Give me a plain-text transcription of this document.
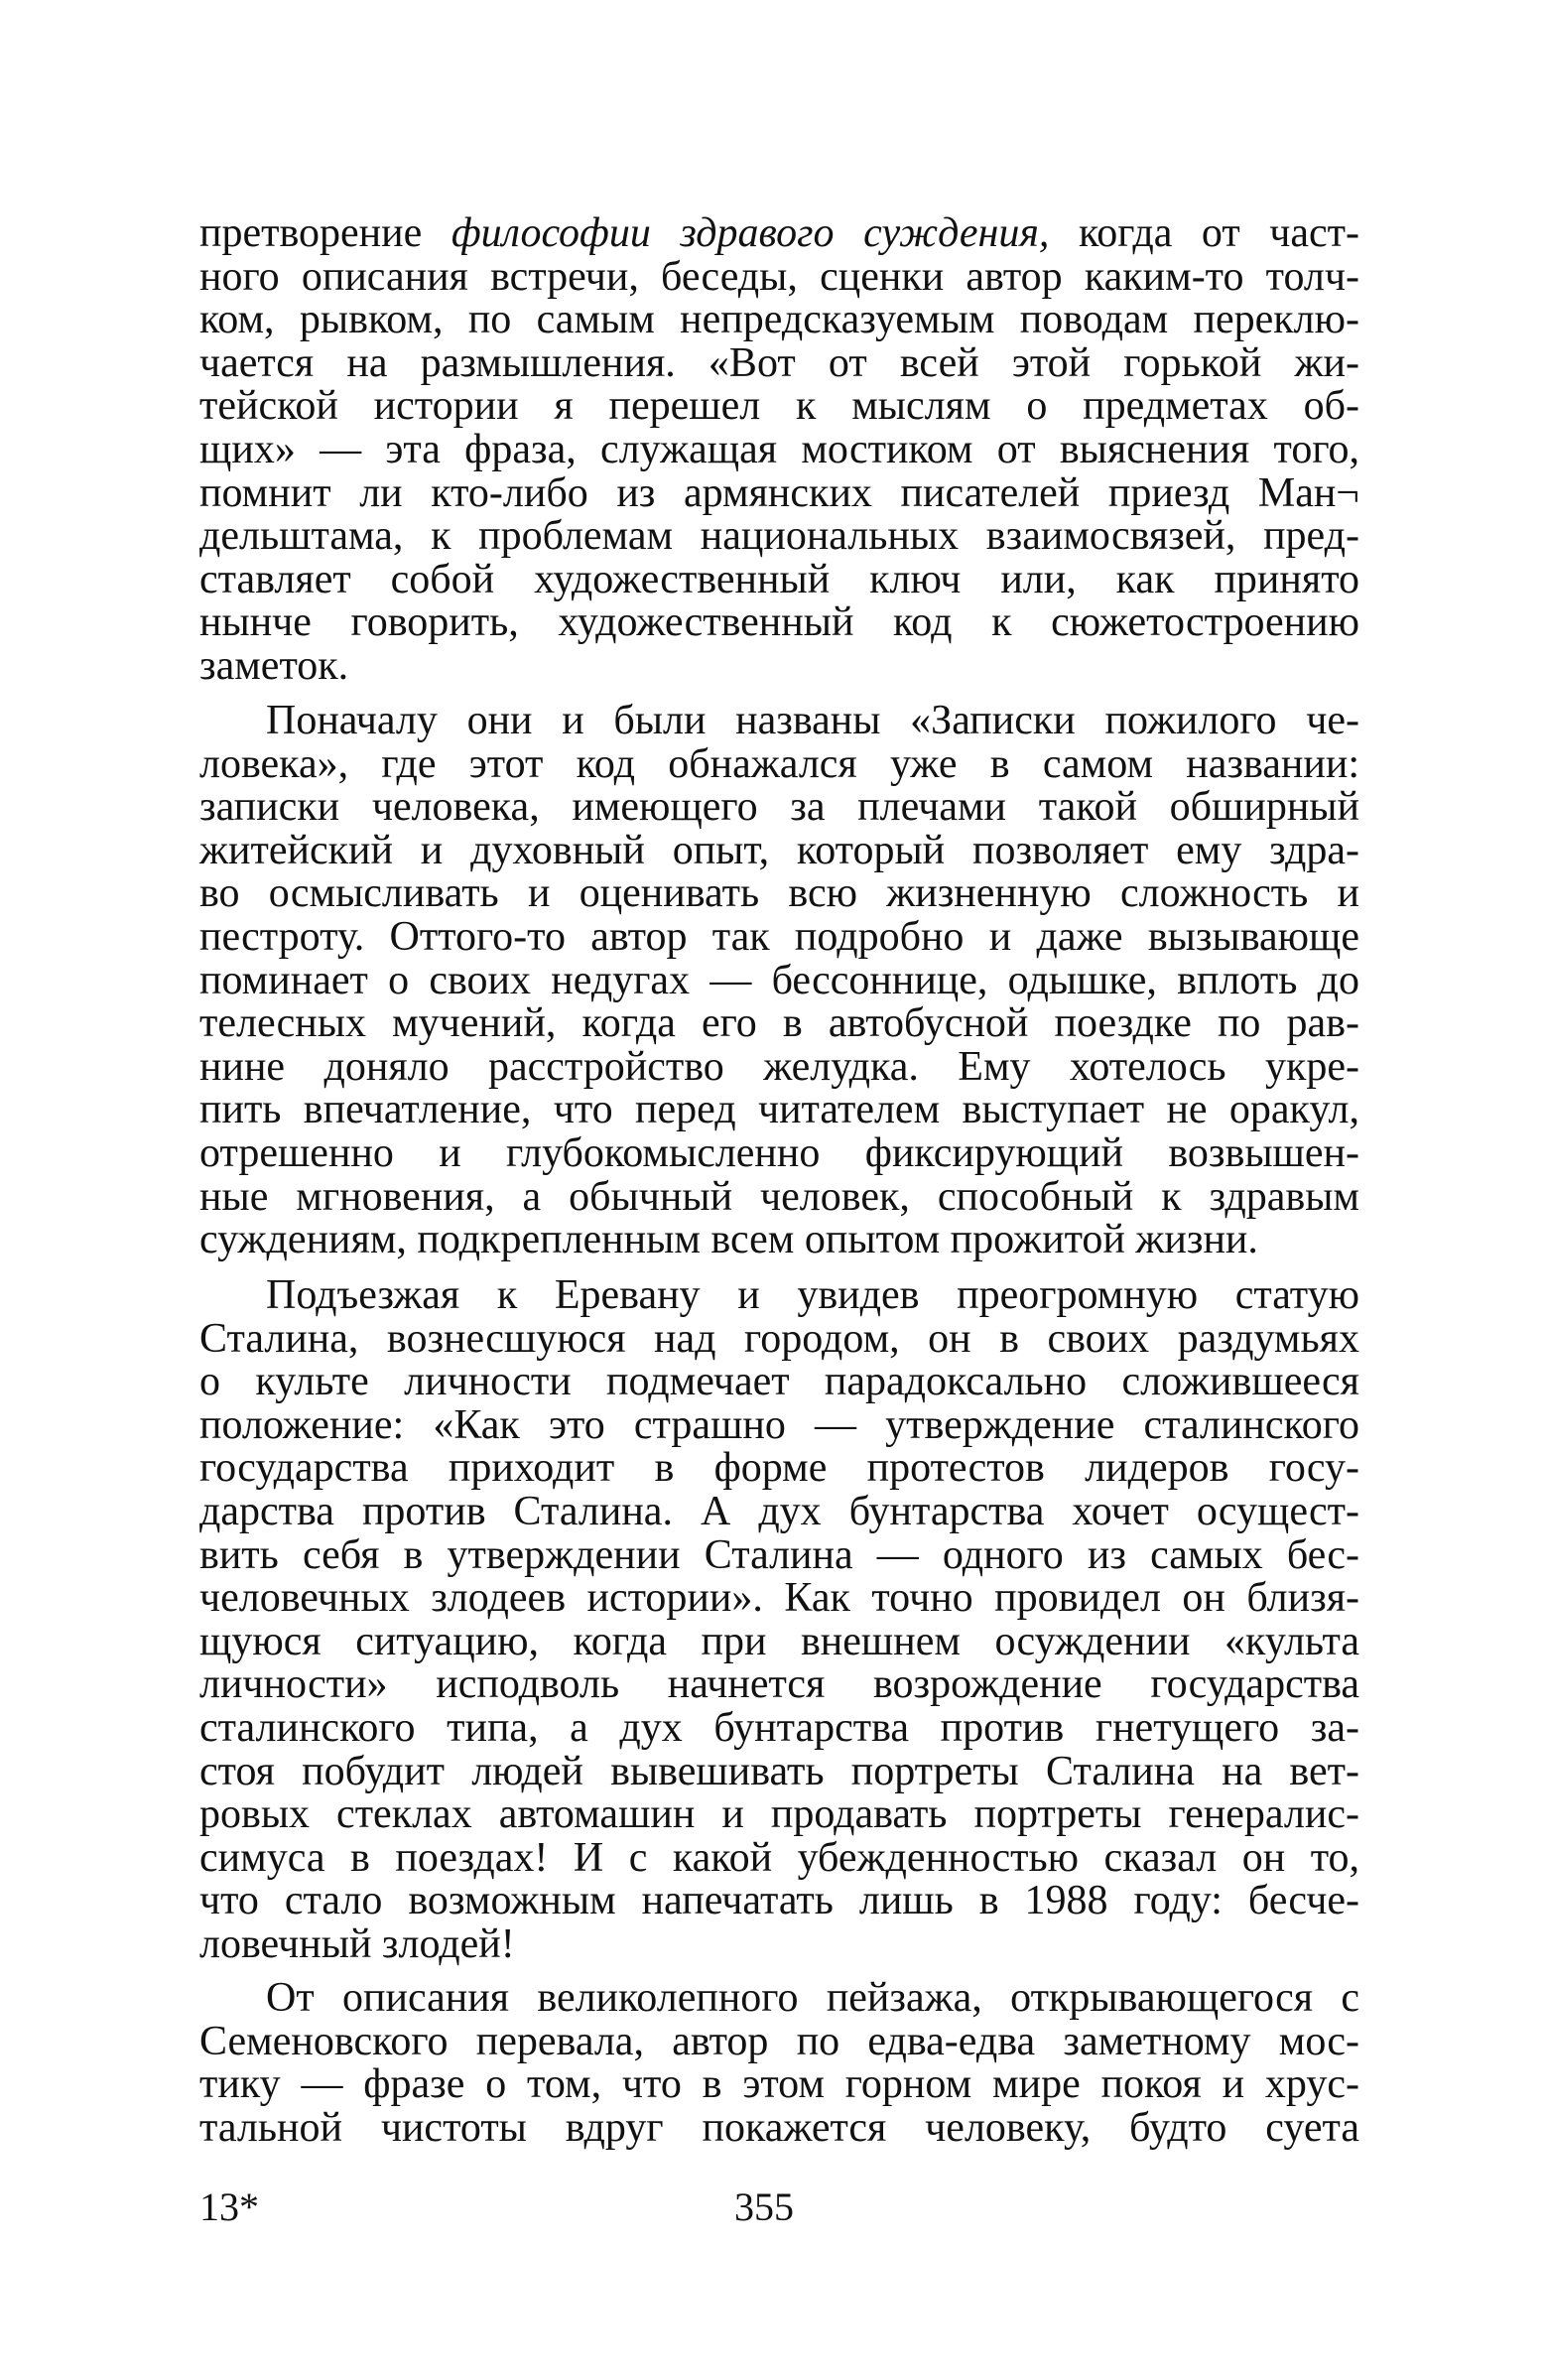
претворение философии здравого суждения, когда от част-
ного описания встречи, беседы, сценки автор каким-то толч-
ком, рывком, по самым непредсказуемым поводам переклю-
чается на размышления. «Вот от всей этой горькой жи-
тейской истории я перешел к мыслям о предметах об-
щих» — эта фраза, служащая мостиком от выяснения того,
помнит ли кто-либо из армянских писателей приезд Ман¬
дельштама, к проблемам национальных взаимосвязей, пред-
ставляет собой художественный ключ или, как принято
нынче говорить, художественный код к сюжетостроению
заметок.
Поначалу они и были названы «Записки пожилого че-
ловека», где этот код обнажался уже в самом названии:
записки человека, имеющего за плечами такой обширный
житейский и духовный опыт, который позволяет ему здра-
во осмысливать и оценивать всю жизненную сложность и
пестроту. Оттого-то автор так подробно и даже вызывающе
поминает о своих недугах — бессоннице, одышке, вплоть до
телесных мучений, когда его в автобусной поездке по рав-
нине доняло расстройство желудка. Ему хотелось укре-
пить впечатление, что перед читателем выступает не оракул,
отрешенно и глубокомысленно фиксирующий возвышен-
ные мгновения, а обычный человек, способный к здравым
суждениям, подкрепленным всем опытом прожитой жизни.
Подъезжая к Еревану и увидев преогромную статую
Сталина, вознесшуюся над городом, он в своих раздумьях
о культе личности подмечает парадоксально сложившееся
положение: «Как это страшно — утверждение сталинского
государства приходит в форме протестов лидеров госу-
дарства против Сталина. А дух бунтарства хочет осущест-
вить себя в утверждении Сталина — одного из самых бес-
человечных злодеев истории». Как точно провидел он близя-
щуюся ситуацию, когда при внешнем осуждении «культа
личности» исподволь начнется возрождение государства
сталинского типа, а дух бунтарства против гнетущего за-
стоя побудит людей вывешивать портреты Сталина на вет-
ровых стеклах автомашин и продавать портреты генералис-
симуса в поездах! И с какой убежденностью сказал он то,
что стало возможным напечатать лишь в 1988 году: бесче-
ловечный злодей!
От описания великолепного пейзажа, открывающегося с
Семеновского перевала, автор по едва-едва заметному мос-
тику — фразе о том, что в этом горном мире покоя и хрус-
тальной чистоты вдруг покажется человеку, будто суета
13*	355
